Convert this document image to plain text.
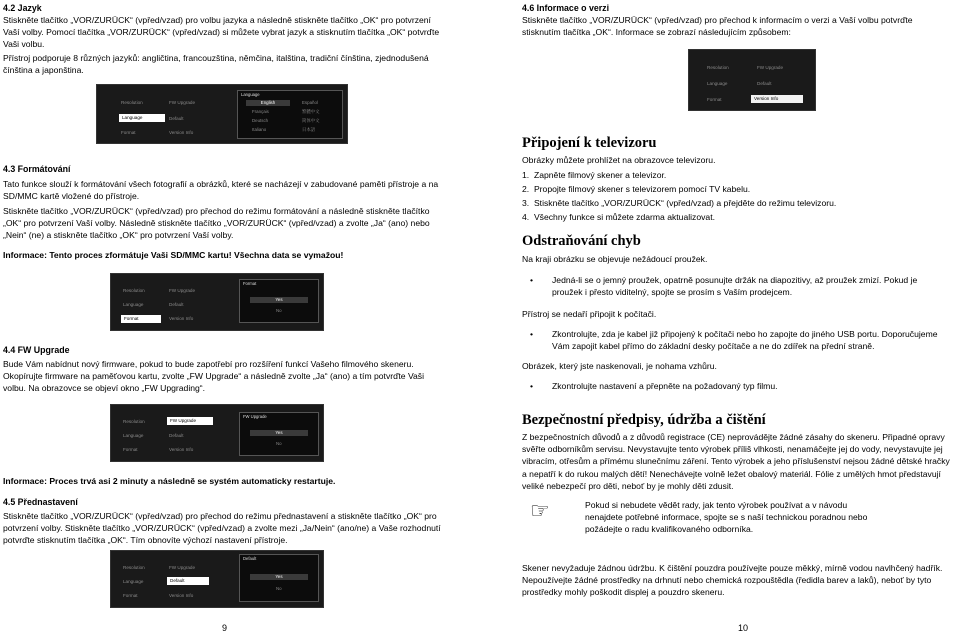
4.2 Jazyk
Stiskněte tlačítko „VOR/ZURÜCK“ (vpřed/vzad) pro volbu jazyka a následně stiskněte tlačítko „OK“ pro potvrzení Vaší volby. Pomocí tlačítka „VOR/ZURÜCK“ (vpřed/vzad) si můžete vybrat jazyk a stisknutím tlačítka „OK“ potvrďte Vaši volbu.
Přístroj podporuje 8 různých jazyků: angličtina, francouzština, němčina, italština, tradiční čínština, zjednodušená čínština a japonština.
Resolution	FW Upgrade
Language	Default
Format	Version Info
Language
English
Français
Deutsch
Italiano
Español
繁體中文
简体中文
日本語
4.3 Formátování
Tato funkce slouží k formátování všech fotografií a obrázků, které se nacházejí v zabudované paměti přístroje a na SD/MMC kartě vložené do přístroje.
Stiskněte tlačítko „VOR/ZURÜCK“ (vpřed/vzad) pro přechod do režimu formátování a následně stiskněte tlačítko „OK“ pro potvrzení Vaší volby. Následně stiskněte tlačítko „VOR/ZURÜCK“ (vpřed/vzad) a zvolte „Ja“ (ano) nebo „Nein“ (ne) a stiskněte tlačítko „OK“ pro potvrzení Vaší volby.
Informace: Tento proces zformátuje Vaši SD/MMC kartu! Všechna data se vymažou!
Resolution	FW Upgrade
Language	Default
Format	Version Info
Format
Yes
No
4.4 FW Upgrade
Bude Vám nabídnut nový firmware, pokud to bude zapotřebí pro rozšíření funkcí Vašeho filmového skeneru. Okopírujte firmware na paměťovou kartu, zvolte „FW Upgrade“ a následně zvolte „Ja“ (ano) a tím potvrďte Vaši volbu. Na obrazovce se objeví okno „FW Upgrading“.
Resolution	FW Upgrade
Language	Default
Format	Version Info
FW Upgrade
Yes
No
Informace: Proces trvá asi 2 minuty a následně se systém automaticky restartuje.
4.5 Přednastavení
Stiskněte tlačítko „VOR/ZURÜCK“ (vpřed/vzad) pro přechod do režimu přednastavení a stiskněte tlačítko „OK“ pro potvrzení volby. Stiskněte tlačítko „VOR/ZURÜCK“ (vpřed/vzad) a zvolte mezi „Ja/Nein“ (ano/ne) a Vaše rozhodnutí potvrďte stisknutím tlačítka „OK“. Tím obnovíte výchozí nastavení přístroje.
Resolution	FW Upgrade
Language	Default
Format	Version Info
Default
Yes
No
9
4.6 Informace o verzi
Stiskněte tlačítko „VOR/ZURÜCK“ (vpřed/vzad) pro přechod k informacím o verzi a Vaší volbu potvrďte stisknutím tlačítka „OK“. Informace se zobrazí následujícím způsobem:
Resolution	FW Upgrade
Language	Default
Format	Version Info
Připojení k televizoru
Obrázky můžete prohlížet na obrazovce televizoru.
1.  Zapněte filmový skener a televizor.
2.  Propojte filmový skener s televizorem pomocí TV kabelu.
3.  Stiskněte tlačítko „VOR/ZURÜCK“ (vpřed/vzad) a přejděte do režimu televizoru.
4.  Všechny funkce si můžete zdarma aktualizovat.
Odstraňování chyb
Na kraji obrázku se objevuje nežádoucí proužek.
• Jedná-li se o jemný proužek, opatrně posunujte držák na diapozitivy, až proužek zmizí. Pokud je proužek i přesto viditelný, spojte se prosím s Vaším prodejcem.
Přístroj se nedaří připojit k počítači.
• Zkontrolujte, zda je kabel již připojený k počítači nebo ho zapojte do jiného USB portu. Doporučujeme Vám zapojit kabel přímo do základní desky počítače a ne do zdířek na přední straně.
Obrázek, který jste naskenovali, je nohama vzhůru.
• Zkontrolujte nastavení a přepněte na požadovaný typ filmu.
Bezpečnostní předpisy, údržba a čištění
Z bezpečnostních důvodů a z důvodů registrace (CE) neprovádějte žádné zásahy do skeneru. Připadné opravy svěřte odborníkům servisu. Nevystavujte tento výrobek příliš vlhkosti, nenamáčejte jej do vody, nevystavujte jej vibracím, otřesům a přímému slunečnímu záření. Tento výrobek a jeho příslušenství nejsou žádné dětské hračky a nepatří k do rukou malých dětí! Nenechávejte volně ležet obalový materiál. Fólie z umělých hmot představují veliké nebezpečí pro děti, neboť by je mohly děti zdusit.
☞	Pokud si nebudete vědět rady, jak tento výrobek používat a v návodu nenajdete potřebné informace, spojte se s naší technickou poradnou nebo požádejte o radu kvalifikovaného odborníka.
Skener nevyžaduje žádnou údržbu. K čištění pouzdra používejte pouze měkký, mírně vodou navlhčený hadřík. Nepoužívejte žádné prostředky na drhnutí nebo chemická rozpouštědla (ředidla barev a laků), neboť by tyto prostředky mohly poškodit displej a pouzdro skeneru.
10
